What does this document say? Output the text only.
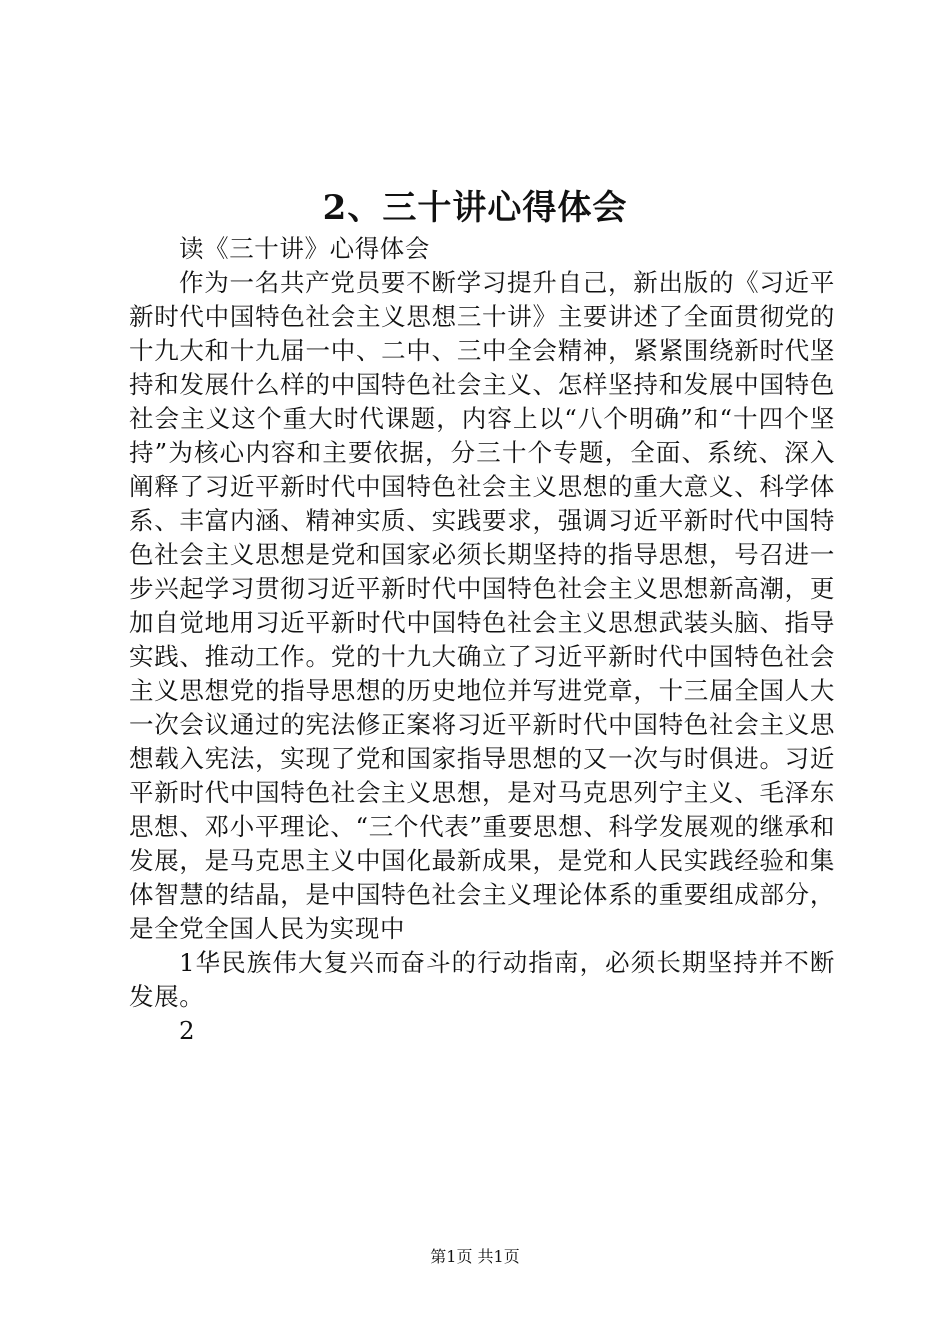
2、三十讲心得体会

读《三十讲》心得体会

作为一名共产党员要不断学习提升自己，新出版的《习近平新时代中国特色社会主义思想三十讲》主要讲述了全面贯彻党的十九大和十九届一中、二中、三中全会精神，紧紧围绕新时代坚持和发展什么样的中国特色社会主义、怎样坚持和发展中国特色社会主义这个重大时代课题，内容上以“八个明确”和“十四个坚持”为核心内容和主要依据，分三十个专题，全面、系统、深入阐释了习近平新时代中国特色社会主义思想的重大意义、科学体系、丰富内涵、精神实质、实践要求，强调习近平新时代中国特色社会主义思想是党和国家必须长期坚持的指导思想，号召进一步兴起学习贯彻习近平新时代中国特色社会主义思想新高潮，更加自觉地用习近平新时代中国特色社会主义思想武装头脑、指导实践、推动工作。党的十九大确立了习近平新时代中国特色社会主义思想党的指导思想的历史地位并写进党章，十三届全国人大一次会议通过的宪法修正案将习近平新时代中国特色社会主义思想载入宪法，实现了党和国家指导思想的又一次与时俱进。习近平新时代中国特色社会主义思想，是对马克思列宁主义、毛泽东思想、邓小平理论、“三个代表”重要思想、科学发展观的继承和发展，是马克思主义中国化最新成果，是党和人民实践经验和集体智慧的结晶，是中国特色社会主义理论体系的重要组成部分，是全党全国人民为实现中

1华民族伟大复兴而奋斗的行动指南，必须长期坚持并不断发展。

2

第1页 共1页
